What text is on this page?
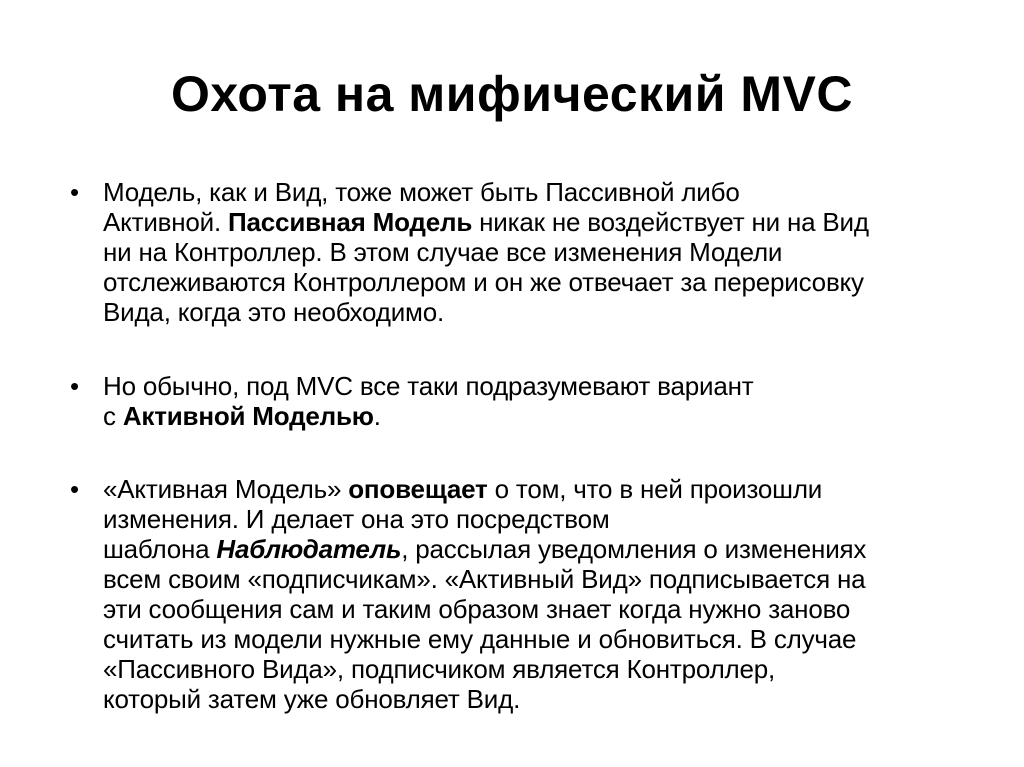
Охота на мифический MVC
• Модель, как и Вид, тоже может быть Пассивной либо
Активной. Пассивная Модель никак не воздействует ни на Вид
ни на Контроллер. В этом случае все изменения Модели
отслеживаются Контроллером и он же отвечает за перерисовку
Вида, когда это необходимо.
• Но обычно, под MVC все таки подразумевают вариант
с Активной Моделью.
• «Активная Модель» оповещает о том, что в ней произошли
изменения. И делает она это посредством
шаблона Наблюдатель, рассылая уведомления о изменениях
всем своим «подписчикам». «Активный Вид» подписывается на
эти сообщения сам и таким образом знает когда нужно заново
считать из модели нужные ему данные и обновиться. В случае
«Пассивного Вида», подписчиком является Контроллер,
который затем уже обновляет Вид.
